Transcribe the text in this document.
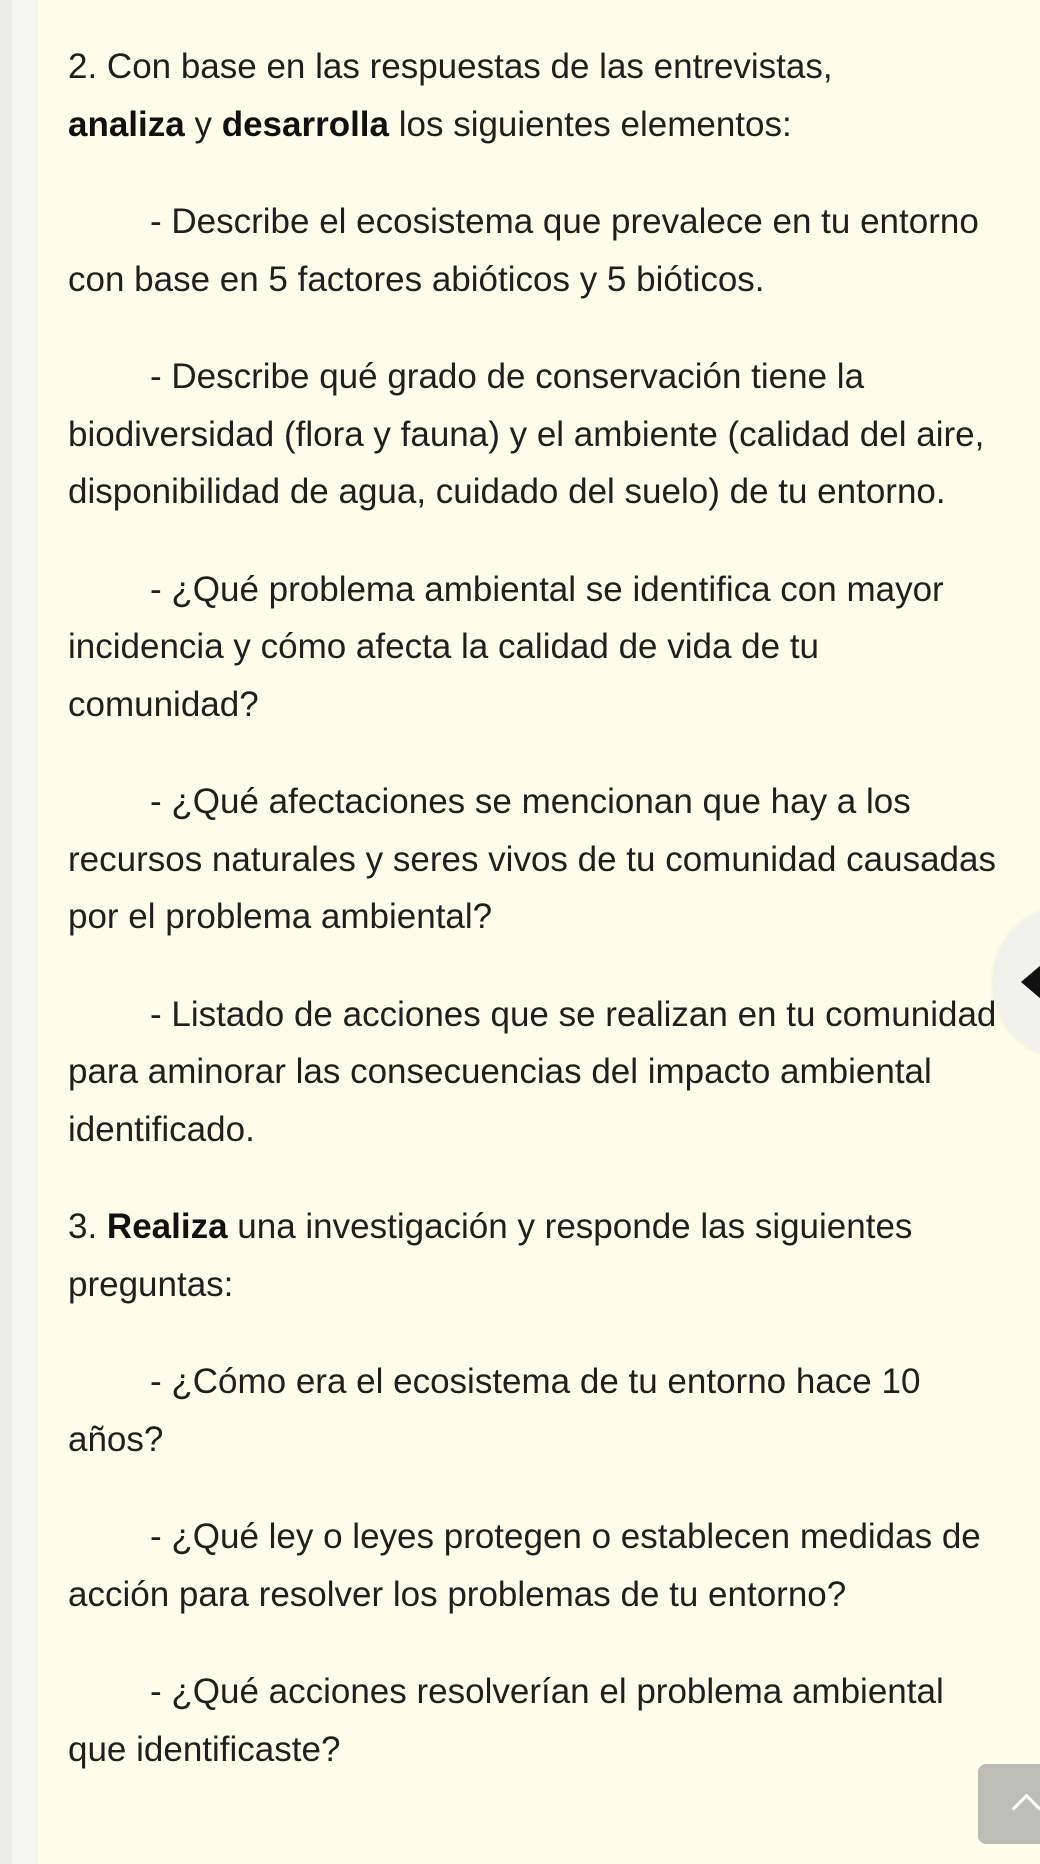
2. Con base en las respuestas de las entrevistas,
analiza y desarrolla los siguientes elementos:

- Describe el ecosistema que prevalece en tu entorno con base en 5 factores abióticos y 5 bióticos.

- Describe qué grado de conservación tiene la biodiversidad (flora y fauna) y el ambiente (calidad del aire, disponibilidad de agua, cuidado del suelo) de tu entorno.

- ¿Qué problema ambiental se identifica con mayor incidencia y cómo afecta la calidad de vida de tu comunidad?

- ¿Qué afectaciones se mencionan que hay a los recursos naturales y seres vivos de tu comunidad causadas por el problema ambiental?

- Listado de acciones que se realizan en tu comunidad para aminorar las consecuencias del impacto ambiental identificado.

3. Realiza una investigación y responde las siguientes preguntas:

- ¿Cómo era el ecosistema de tu entorno hace 10 años?

- ¿Qué ley o leyes protegen o establecen medidas de acción para resolver los problemas de tu entorno?

- ¿Qué acciones resolverían el problema ambiental que identificaste?
